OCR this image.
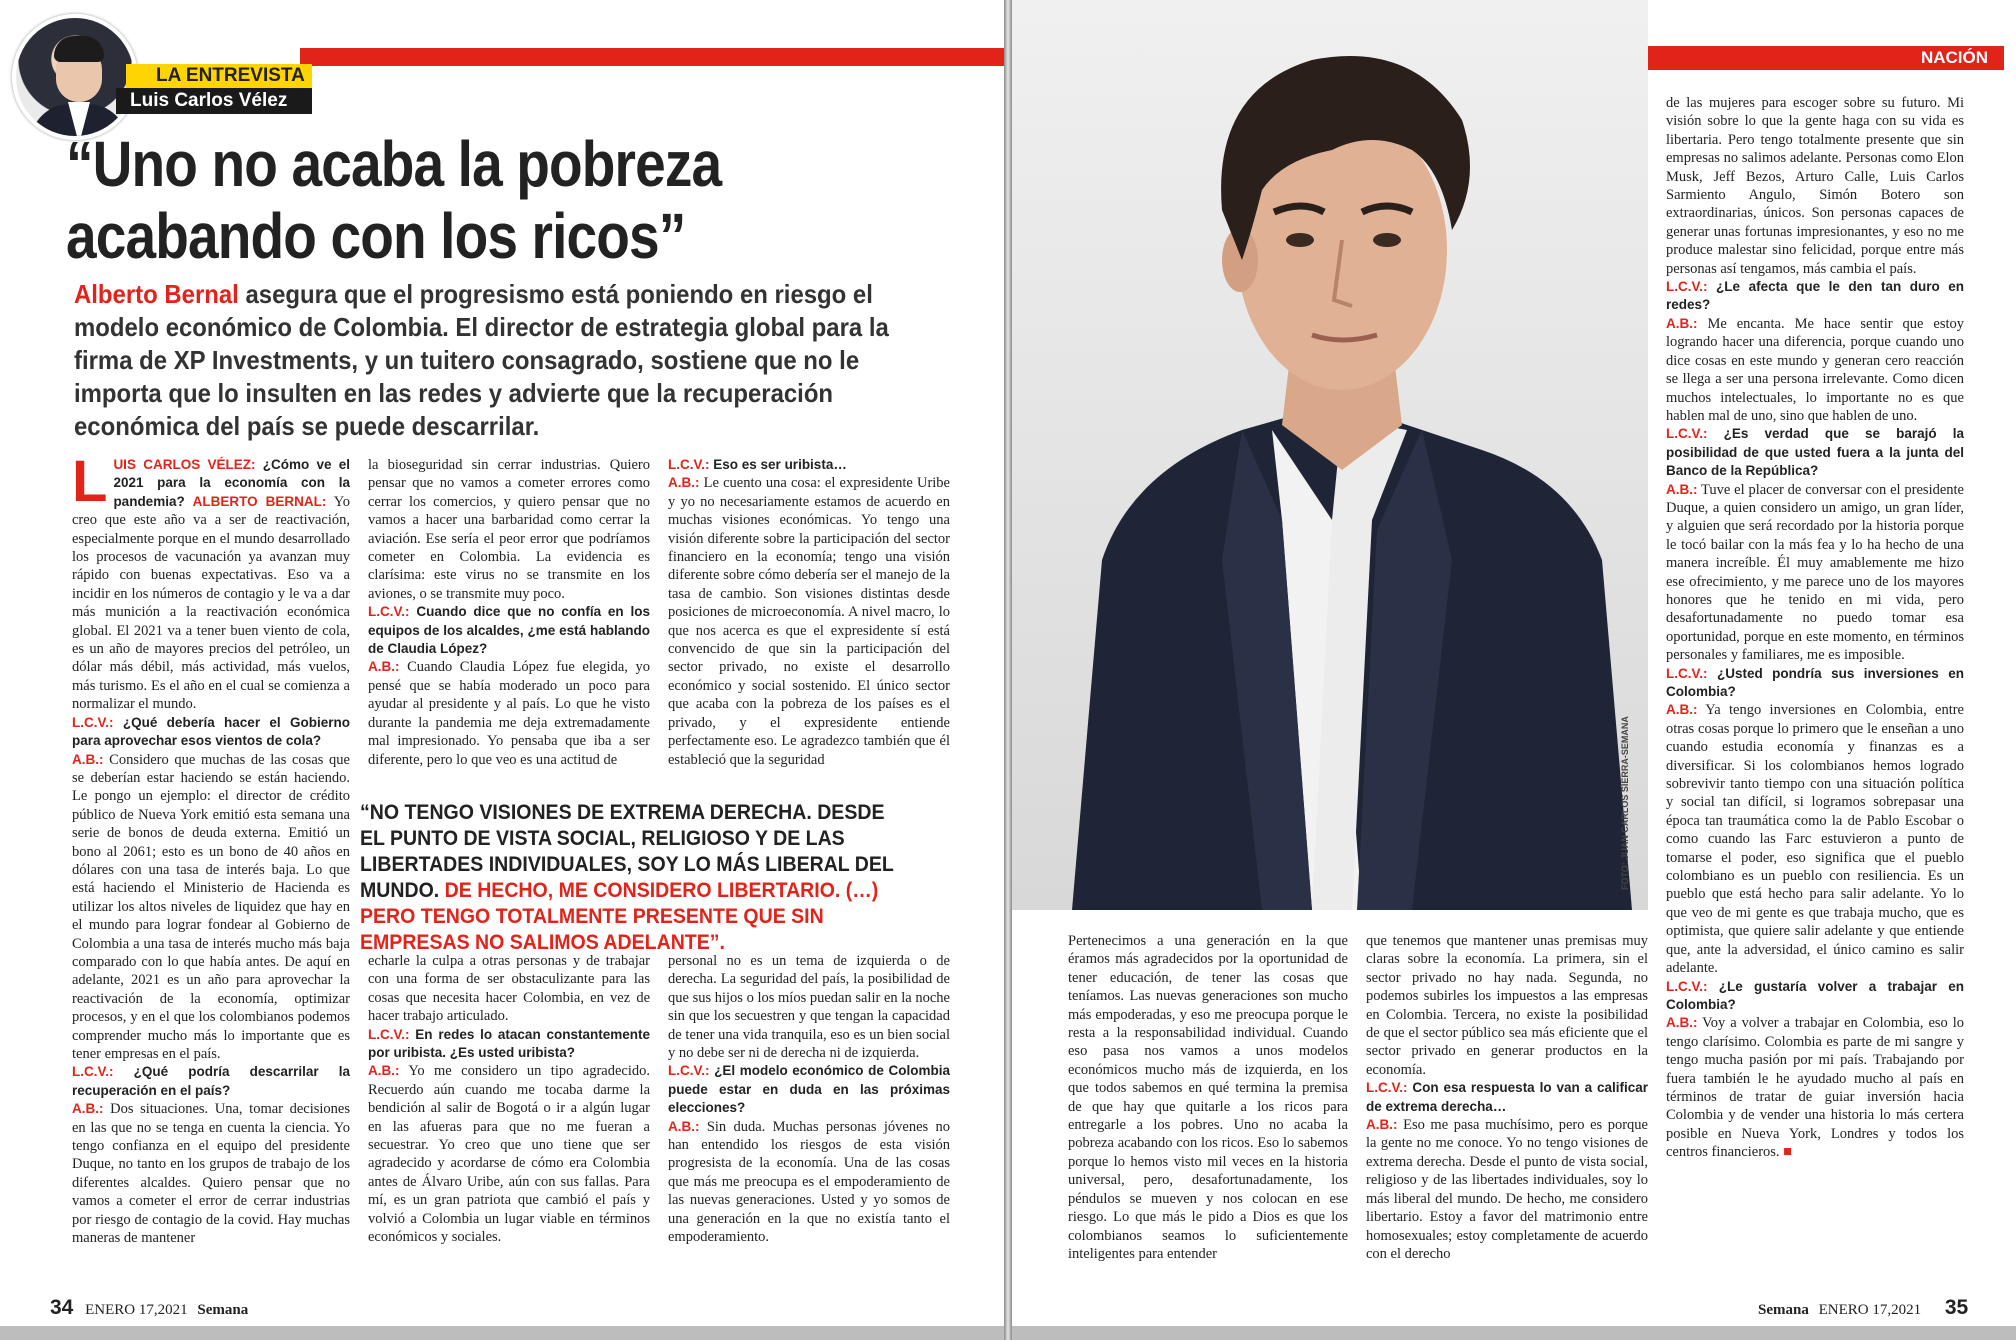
LA ENTREVISTA
Luis Carlos Vélez
“Uno no acaba la pobreza acabando con los ricos”
Alberto Bernal asegura que el progresismo está poniendo en riesgo el modelo económico de Colombia. El director de estrategia global para la firma de XP Investments, y un tuitero consagrado, sostiene que no le importa que lo insulten en las redes y advierte que la recuperación económica del país se puede descarrilar.

L UIS CARLOS VÉLEZ: ¿Cómo ve el 2021 para la economía con la pandemia? ALBERTO BERNAL: Yo creo que este año va a ser de reactivación, especialmente porque en el mundo desarrollado los procesos de vacunación ya avanzan muy rápido con buenas expectativas. Eso va a incidir en los números de contagio y le va a dar más munición a la reactivación económica global. El 2021 va a tener buen viento de cola, es un año de mayores precios del petróleo, un dólar más débil, más actividad, más vuelos, más turismo. Es el año en el cual se comienza a normalizar el mundo.

L.C.V.: ¿Qué debería hacer el Gobierno para aprovechar esos vientos de cola?

A.B.: Considero que muchas de las cosas que se deberían estar haciendo se están haciendo. Le pongo un ejemplo: el director de crédito público de Nueva York emitió esta semana una serie de bonos de deuda externa. Emitió un bono al 2061; esto es un bono de 40 años en dólares con una tasa de interés baja. Lo que está haciendo el Ministerio de Hacienda es utilizar los altos niveles de liquidez que hay en el mundo para lograr fondear al Gobierno de Colombia a una tasa de interés mucho más baja comparado con lo que había antes. De aquí en adelante, 2021 es un año para aprovechar la reactivación de la economía, optimizar procesos, y en el que los colombianos podemos comprender mucho más lo importante que es tener empresas en el país.

L.C.V.: ¿Qué podría descarrilar la recuperación en el país?

A.B.: Dos situaciones. Una, tomar decisiones en las que no se tenga en cuenta la ciencia. Yo tengo confianza en el equipo del presidente Duque, no tanto en los grupos de trabajo de los diferentes alcaldes. Quiero pensar que no vamos a cometer el error de cerrar industrias por riesgo de contagio de la covid. Hay muchas maneras de mantener

la bioseguridad sin cerrar industrias. Quiero pensar que no vamos a cometer errores como cerrar los comercios, y quiero pensar que no vamos a hacer una barbaridad como cerrar la aviación. Ese sería el peor error que podríamos cometer en Colombia. La evidencia es clarísima: este virus no se transmite en los aviones, o se transmite muy poco.

L.C.V.: Cuando dice que no confía en los equipos de los alcaldes, ¿me está hablando de Claudia López?

A.B.: Cuando Claudia López fue elegida, yo pensé que se había moderado un poco para ayudar al presidente y al país. Lo que he visto durante la pandemia me deja extremadamente mal impresionado. Yo pensaba que iba a ser diferente, pero lo que veo es una actitud de

L.C.V.: Eso es ser uribista…

A.B.: Le cuento una cosa: el expresidente Uribe y yo no necesariamente estamos de acuerdo en muchas visiones económicas. Yo tengo una visión diferente sobre la participación del sector financiero en la economía; tengo una visión diferente sobre cómo debería ser el manejo de la tasa de cambio. Son visiones distintas desde posiciones de microeconomía. A nivel macro, lo que nos acerca es que el expresidente sí está convencido de que sin la participación del sector privado, no existe el desarrollo económico y social sostenido. El único sector que acaba con la pobreza de los países es el privado, y el expresidente entiende perfectamente eso. Le agradezco también que él estableció que la seguridad

“NO TENGO VISIONES DE EXTREMA DERECHA. DESDE EL PUNTO DE VISTA SOCIAL, RELIGIOSO Y DE LAS LIBERTADES INDIVIDUALES, SOY LO MÁS LIBERAL DEL MUNDO. DE HECHO, ME CONSIDERO LIBERTARIO. (…) PERO TENGO TOTALMENTE PRESENTE QUE SIN EMPRESAS NO SALIMOS ADELANTE”.

echarle la culpa a otras personas y de trabajar con una forma de ser obstaculizante para las cosas que necesita hacer Colombia, en vez de hacer trabajo articulado.

L.C.V.: En redes lo atacan constantemente por uribista. ¿Es usted uribista?

A.B.: Yo me considero un tipo agradecido. Recuerdo aún cuando me tocaba darme la bendición al salir de Bogotá o ir a algún lugar en las afueras para que no me fueran a secuestrar. Yo creo que uno tiene que ser agradecido y acordarse de cómo era Colombia antes de Álvaro Uribe, aún con sus fallas. Para mí, es un gran patriota que cambió el país y volvió a Colombia un lugar viable en términos económicos y sociales.

personal no es un tema de izquierda o de derecha. La seguridad del país, la posibilidad de que sus hijos o los míos puedan salir en la noche sin que los secuestren y que tengan la capacidad de tener una vida tranquila, eso es un bien social y no debe ser ni de derecha ni de izquierda.

L.C.V.: ¿El modelo económico de Colombia puede estar en duda en las próximas elecciones?

A.B.: Sin duda. Muchas personas jóvenes no han entendido los riesgos de esta visión progresista de la economía. Una de las cosas que más me preocupa es el empoderamiento de las nuevas generaciones. Usted y yo somos de una generación en la que no existía tanto el empoderamiento.

34 ENERO 17,2021 Semana
FOTO: JUAN CARLOS SIERRA-SEMANA
NACIÓN

de las mujeres para escoger sobre su futuro. Mi visión sobre lo que la gente haga con su vida es libertaria. Pero tengo totalmente presente que sin empresas no salimos adelante. Personas como Elon Musk, Jeff Bezos, Arturo Calle, Luis Carlos Sarmiento Angulo, Simón Botero son extraordinarias, únicos. Son personas capaces de generar unas fortunas impresionantes, y eso no me produce malestar sino felicidad, porque entre más personas así tengamos, más cambia el país.

L.C.V.: ¿Le afecta que le den tan duro en redes?

A.B.: Me encanta. Me hace sentir que estoy logrando hacer una diferencia, porque cuando uno dice cosas en este mundo y generan cero reacción se llega a ser una persona irrelevante. Como dicen muchos intelectuales, lo importante no es que hablen mal de uno, sino que hablen de uno.

L.C.V.: ¿Es verdad que se barajó la posibilidad de que usted fuera a la junta del Banco de la República?

A.B.: Tuve el placer de conversar con el presidente Duque, a quien considero un amigo, un gran líder, y alguien que será recordado por la historia porque le tocó bailar con la más fea y lo ha hecho de una manera increíble. Él muy amablemente me hizo ese ofrecimiento, y me parece uno de los mayores honores que he tenido en mi vida, pero desafortunadamente no puedo tomar esa oportunidad, porque en este momento, en términos personales y familiares, me es imposible.

L.C.V.: ¿Usted pondría sus inversiones en Colombia?

A.B.: Ya tengo inversiones en Colombia, entre otras cosas porque lo primero que le enseñan a uno cuando estudia economía y finanzas es a diversificar. Si los colombianos hemos logrado sobrevivir tanto tiempo con una situación política y social tan difícil, si logramos sobrepasar una época tan traumática como la de Pablo Escobar o como cuando las Farc estuvieron a punto de tomarse el poder, eso significa que el pueblo colombiano es un pueblo con resiliencia. Es un pueblo que está hecho para salir adelante. Yo lo que veo de mi gente es que trabaja mucho, que es optimista, que quiere salir adelante y que entiende que, ante la adversidad, el único camino es salir adelante.

L.C.V.: ¿Le gustaría volver a trabajar en Colombia?

A.B.: Voy a volver a trabajar en Colombia, eso lo tengo clarísimo. Colombia es parte de mi sangre y tengo mucha pasión por mi país. Trabajando por fuera también le he ayudado mucho al país en términos de tratar de guiar inversión hacia Colombia y de vender una historia lo más certera posible en Nueva York, Londres y todos los centros financieros. ■

Pertenecimos a una generación en la que éramos más agradecidos por la oportunidad de tener educación, de tener las cosas que teníamos. Las nuevas generaciones son mucho más empoderadas, y eso me preocupa porque le resta a la responsabilidad individual. Cuando eso pasa nos vamos a unos modelos económicos mucho más de izquierda, en los que todos sabemos en qué termina la premisa de que hay que quitarle a los ricos para entregarle a los pobres. Uno no acaba la pobreza acabando con los ricos. Eso lo sabemos porque lo hemos visto mil veces en la historia universal, pero, desafortunadamente, los péndulos se mueven y nos colocan en ese riesgo. Lo que más le pido a Dios es que los colombianos seamos lo suficientemente inteligentes para entender

que tenemos que mantener unas premisas muy claras sobre la economía. La primera, sin el sector privado no hay nada. Segunda, no podemos subirles los impuestos a las empresas en Colombia. Tercera, no existe la posibilidad de que el sector público sea más eficiente que el sector privado en generar productos en la economía.

L.C.V.: Con esa respuesta lo van a calificar de extrema derecha…

A.B.: Eso me pasa muchísimo, pero es porque la gente no me conoce. Yo no tengo visiones de extrema derecha. Desde el punto de vista social, religioso y de las libertades individuales, soy lo más liberal del mundo. De hecho, me considero libertario. Estoy a favor del matrimonio entre homosexuales; estoy completamente de acuerdo con el derecho

Semana ENERO 17,2021 35
